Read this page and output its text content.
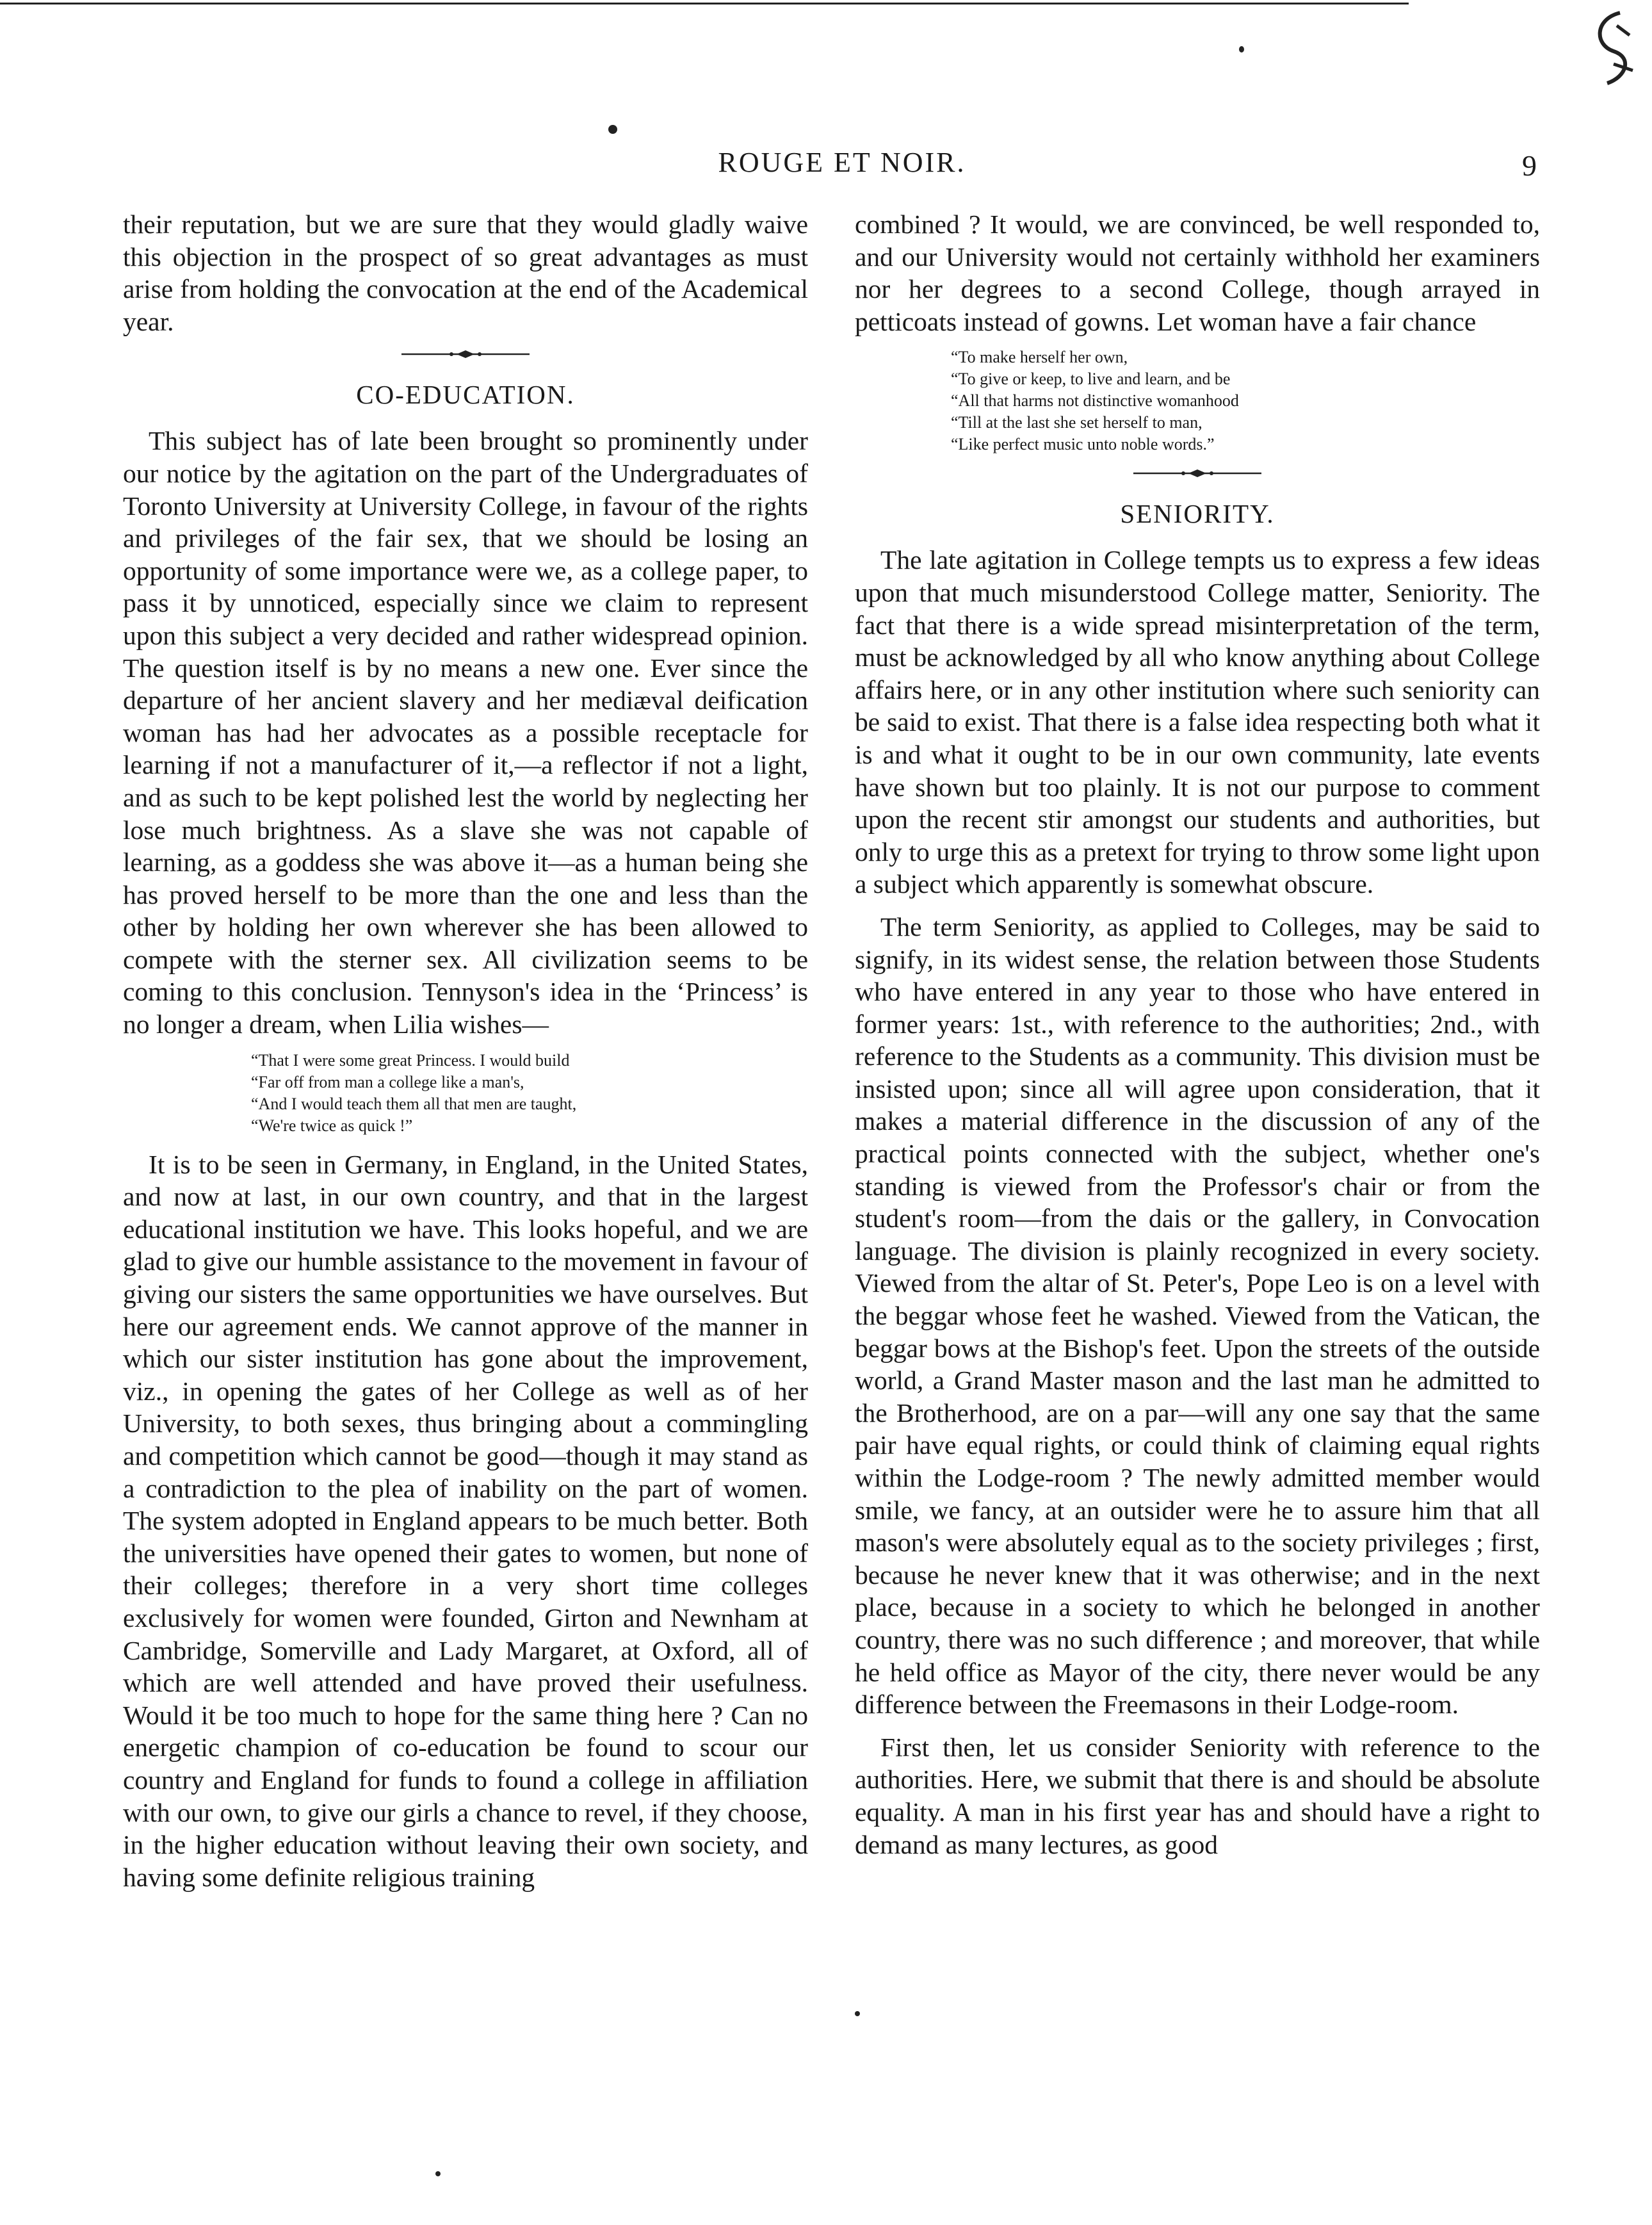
ROUGE ET NOIR.	9

their reputation, but we are sure that they would gladly waive this objection in the prospect of so great advantages as must arise from holding the convocation at the end of the Academical year.

CO-EDUCATION.

This subject has of late been brought so prominently under our notice by the agitation on the part of the Undergraduates of Toronto University at University College, in favour of the rights and privileges of the fair sex, that we should be losing an opportunity of some importance were we, as a college paper, to pass it by unnoticed, especially since we claim to represent upon this subject a very decided and rather widespread opinion. The question itself is by no means a new one. Ever since the departure of her ancient slavery and her mediæval deification woman has had her advocates as a possible receptacle for learning if not a manufacturer of it,—a reflector if not a light, and as such to be kept polished lest the world by neglecting her lose much brightness. As a slave she was not capable of learning, as a goddess she was above it—as a human being she has proved herself to be more than the one and less than the other by holding her own wherever she has been allowed to compete with the sterner sex. All civilization seems to be coming to this conclusion. Tennyson's idea in the ‘Princess’ is no longer a dream, when Lilia wishes—

“That I were some great Princess. I would build
“Far off from man a college like a man's,
“And I would teach them all that men are taught,
“We're twice as quick !”

It is to be seen in Germany, in England, in the United States, and now at last, in our own country, and that in the largest educational institution we have. This looks hopeful, and we are glad to give our humble assistance to the movement in favour of giving our sisters the same opportunities we have ourselves. But here our agreement ends. We cannot approve of the manner in which our sister institution has gone about the improvement, viz., in opening the gates of her College as well as of her University, to both sexes, thus bringing about a commingling and competition which cannot be good—though it may stand as a contradiction to the plea of inability on the part of women. The system adopted in England appears to be much better. Both the universities have opened their gates to women, but none of their colleges; therefore in a very short time colleges exclusively for women were founded, Girton and Newnham at Cambridge, Somerville and Lady Margaret, at Oxford, all of which are well attended and have proved their usefulness. Would it be too much to hope for the same thing here ? Can no energetic champion of co-education be found to scour our country and England for funds to found a college in affiliation with our own, to give our girls a chance to revel, if they choose, in the higher education without leaving their own society, and having some definite religious training

combined ? It would, we are convinced, be well responded to, and our University would not certainly withhold her examiners nor her degrees to a second College, though arrayed in petticoats instead of gowns. Let woman have a fair chance

“To make herself her own,
“To give or keep, to live and learn, and be
“All that harms not distinctive womanhood
“Till at the last she set herself to man,
“Like perfect music unto noble words.”
SENIORITY.

The late agitation in College tempts us to express a few ideas upon that much misunderstood College matter, Seniority. The fact that there is a wide spread misinterpretation of the term, must be acknowledged by all who know anything about College affairs here, or in any other institution where such seniority can be said to exist. That there is a false idea respecting both what it is and what it ought to be in our own community, late events have shown but too plainly. It is not our purpose to comment upon the recent stir amongst our students and authorities, but only to urge this as a pretext for trying to throw some light upon a subject which apparently is somewhat obscure.

The term Seniority, as applied to Colleges, may be said to signify, in its widest sense, the relation between those Students who have entered in any year to those who have entered in former years: 1st., with reference to the authorities; 2nd., with reference to the Students as a community. This division must be insisted upon; since all will agree upon consideration, that it makes a material difference in the discussion of any of the practical points connected with the subject, whether one's standing is viewed from the Professor's chair or from the student's room—from the dais or the gallery, in Convocation language. The division is plainly recognized in every society. Viewed from the altar of St. Peter's, Pope Leo is on a level with the beggar whose feet he washed. Viewed from the Vatican, the beggar bows at the Bishop's feet. Upon the streets of the outside world, a Grand Master mason and the last man he admitted to the Brotherhood, are on a par—will any one say that the same pair have equal rights, or could think of claiming equal rights within the Lodge-room ? The newly admitted member would smile, we fancy, at an outsider were he to assure him that all mason's were absolutely equal as to the society privileges ; first, because he never knew that it was otherwise; and in the next place, because in a society to which he belonged in another country, there was no such difference ; and moreover, that while he held office as Mayor of the city, there never would be any difference between the Freemasons in their Lodge-room.

First then, let us consider Seniority with reference to the authorities. Here, we submit that there is and should be absolute equality. A man in his first year has and should have a right to demand as many lectures, as good
